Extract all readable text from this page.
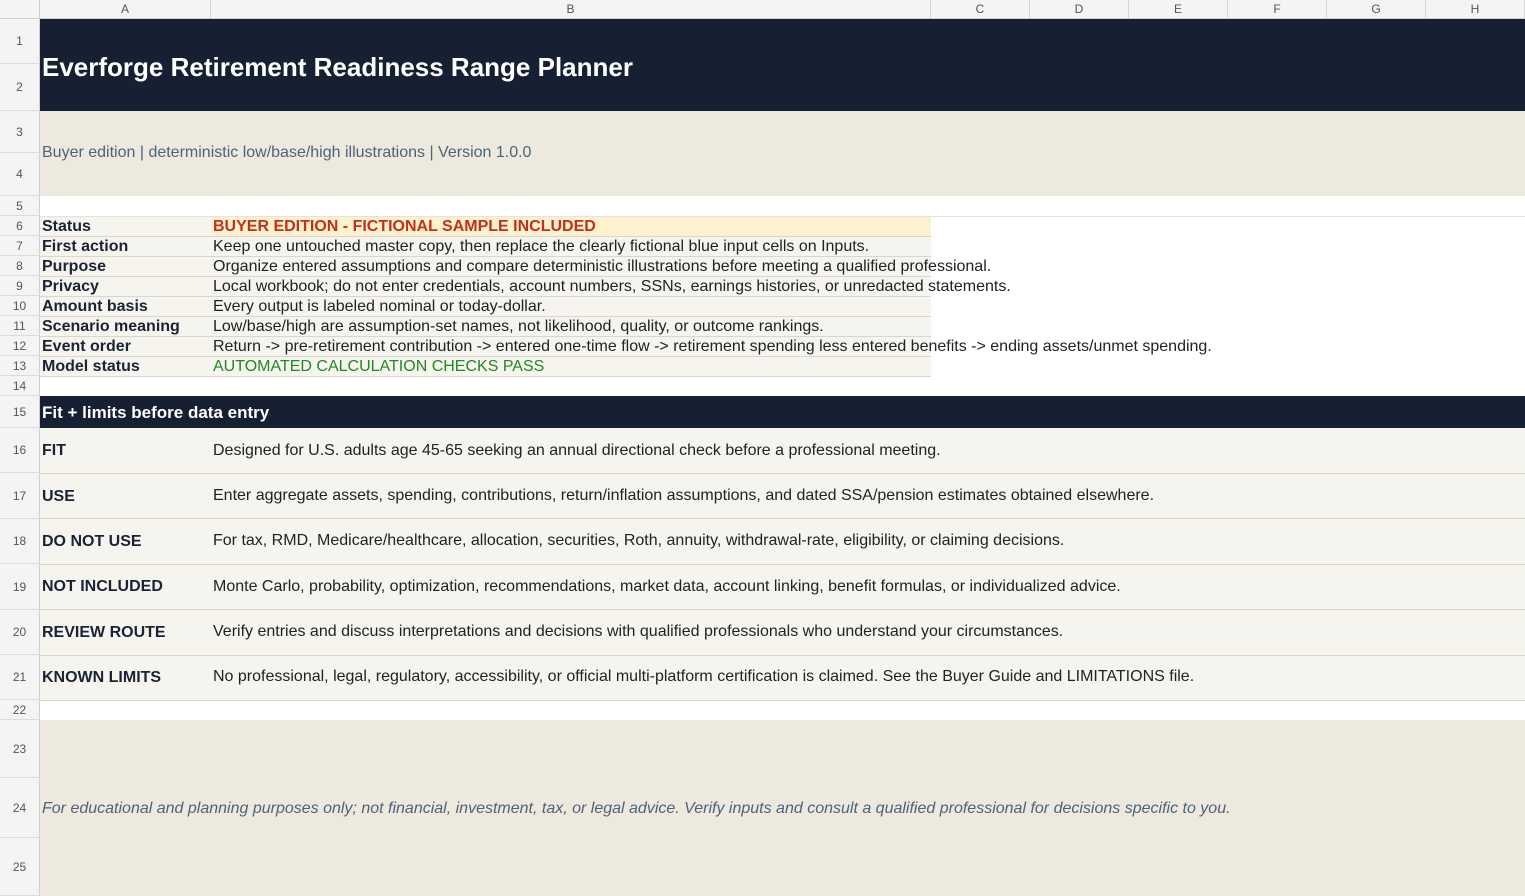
A	B	C	D	E	F	G	H
1
2
3
4
5
6
7
8
9
10
11
12
13
14
15
16
17
18
19
20
21
22
23
24
25
Everforge Retirement Readiness Range Planner
Buyer edition | deterministic low/base/high illustrations | Version 1.0.0
Status	BUYER EDITION - FICTIONAL SAMPLE INCLUDED
First action	Keep one untouched master copy, then replace the clearly fictional blue input cells on Inputs.
Purpose	Organize entered assumptions and compare deterministic illustrations before meeting a qualified professional.
Privacy	Local workbook; do not enter credentials, account numbers, SSNs, earnings histories, or unredacted statements.
Amount basis	Every output is labeled nominal or today-dollar.
Scenario meaning	Low/base/high are assumption-set names, not likelihood, quality, or outcome rankings.
Event order	Return -> pre-retirement contribution -> entered one-time flow -> retirement spending less entered benefits -> ending assets/unmet spending.
Model status	AUTOMATED CALCULATION CHECKS PASS
Fit + limits before data entry
FIT	Designed for U.S. adults age 45-65 seeking an annual directional check before a professional meeting.
USE	Enter aggregate assets, spending, contributions, return/inflation assumptions, and dated SSA/pension estimates obtained elsewhere.
DO NOT USE	For tax, RMD, Medicare/healthcare, allocation, securities, Roth, annuity, withdrawal-rate, eligibility, or claiming decisions.
NOT INCLUDED	Monte Carlo, probability, optimization, recommendations, market data, account linking, benefit formulas, or individualized advice.
REVIEW ROUTE	Verify entries and discuss interpretations and decisions with qualified professionals who understand your circumstances.
KNOWN LIMITS	No professional, legal, regulatory, accessibility, or official multi-platform certification is claimed. See the Buyer Guide and LIMITATIONS file.
For educational and planning purposes only; not financial, investment, tax, or legal advice. Verify inputs and consult a qualified professional for decisions specific to you.
